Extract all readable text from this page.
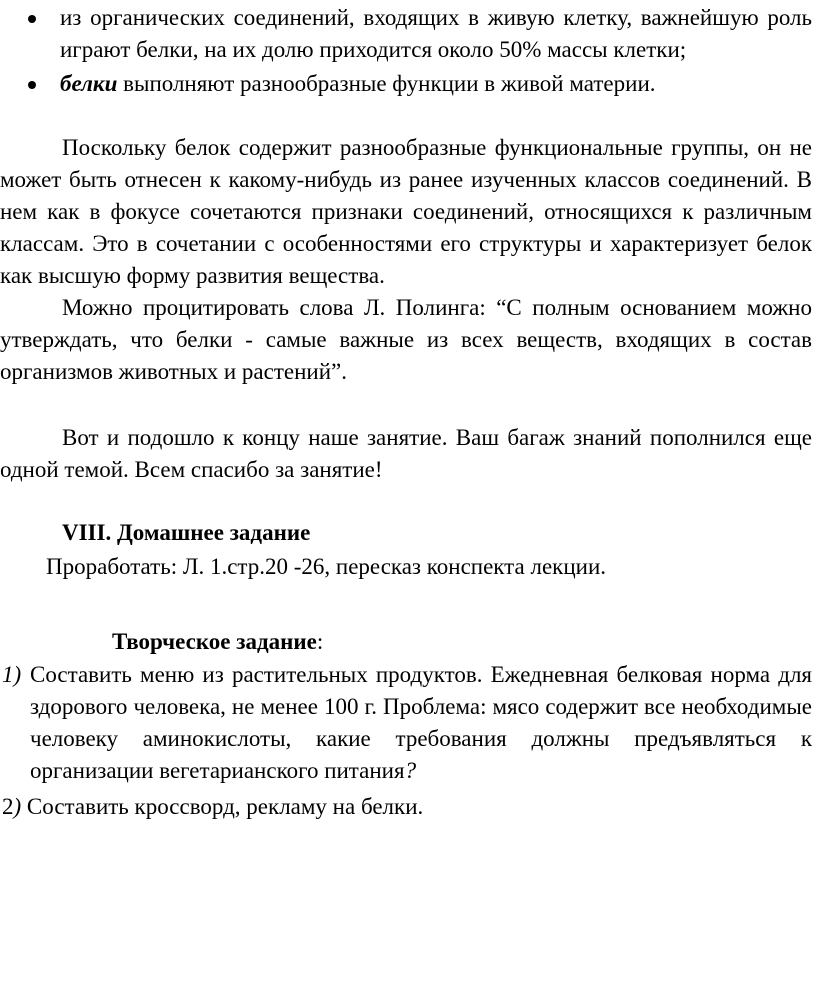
из органических соединений, входящих в живую клетку, важнейшую роль играют белки, на их долю приходится около 50% массы клетки;

белки выполняют разнообразные функции в живой материи.

Поскольку белок содержит разнообразные функциональные группы, он не может быть отнесен к какому-нибудь из ранее изученных классов соединений. В нем как в фокусе сочетаются признаки соединений, относящихся к различным классам. Это в сочетании с особенностями его структуры и характеризует белок как высшую форму развития вещества.

Можно процитировать слова Л. Полинга: “С полным основанием можно утверждать, что белки - самые важные из всех веществ, входящих в состав организмов животных и растений”.

Вот и подошло к концу наше занятие. Ваш багаж знаний пополнился еще одной темой. Всем спасибо за занятие!

VIII. Домашнее задание

Проработать: Л. 1.стр.20 -26, пересказ конспекта лекции.

Творческое задание:

1) Составить меню из растительных продуктов. Ежедневная белковая норма для здорового человека, не менее 100 г. Проблема: мясо содержит все необходимые человеку аминокислоты, какие требования должны предъявляться к организации вегетарианского питания?

2) Составить кроссворд, рекламу на белки.
